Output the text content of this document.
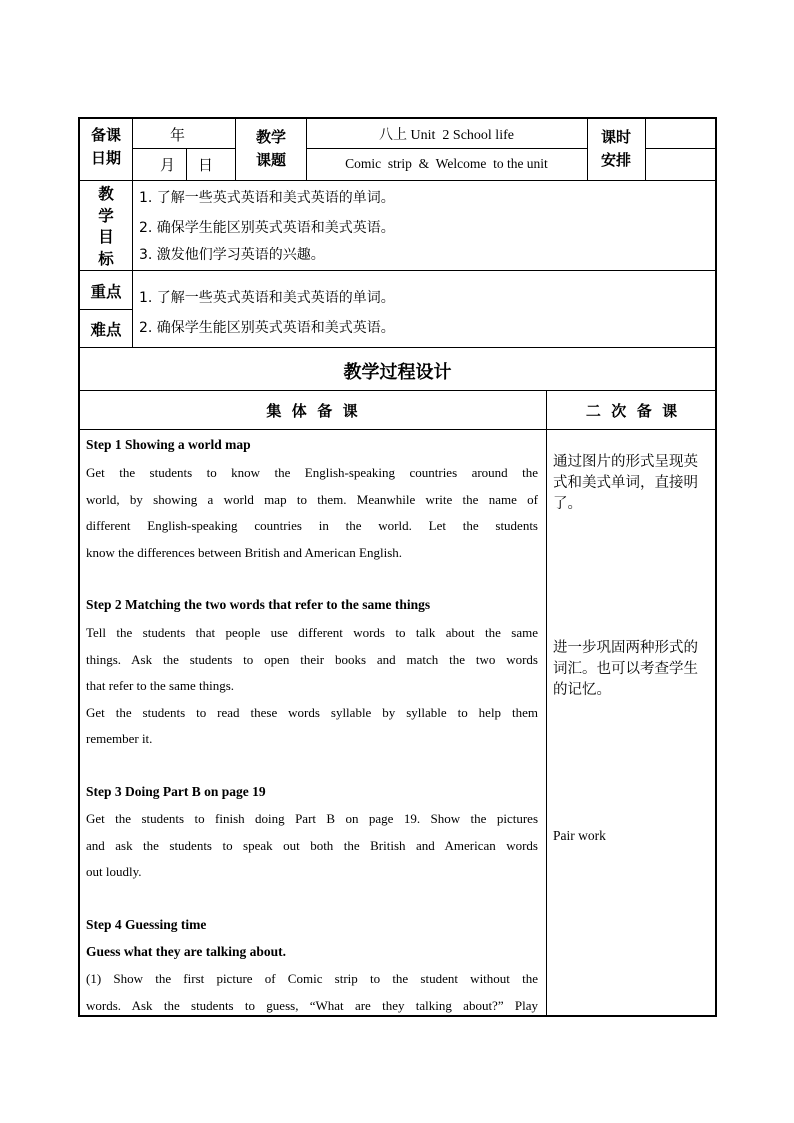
备课
日期
年
月 日
教学
课题
八上 Unit  2 School life
Comic  strip  &  Welcome  to the unit
课时
安排
教
学
目
标
1. 了解一些英式英语和美式英语的单词。
2. 确保学生能区别英式英语和美式英语。
3. 激发他们学习英语的兴趣。
重点
难点
1. 了解一些英式英语和美式英语的单词。
2. 确保学生能区别英式英语和美式英语。
教学过程设计
集  体  备  课	二  次  备  课
Step 1 Showing a world map
Get the students to know the English-speaking countries around the
world, by showing a world map to them. Meanwhile write the name of
different English-speaking countries in the world. Let the students
know the differences between British and American English.
Step 2 Matching the two words that refer to the same things
Tell the students that people use different words to talk about the same
things. Ask the students to open their books and match the two words
that refer to the same things.
Get the students to read these words syllable by syllable to help them
remember it.
Step 3 Doing Part B on page 19
Get the students to finish doing Part B on page 19. Show the pictures
and ask the students to speak out both the British and American words
out loudly.
Step 4 Guessing time
Guess what they are talking about.
(1) Show the first picture of Comic strip to the student without the
words. Ask the students to guess, “What are they talking about?” Play
通过图片的形式呈现英式和美式单词，直接明了。
进一步巩固两种形式的词汇。也可以考查学生的记忆。
Pair work
